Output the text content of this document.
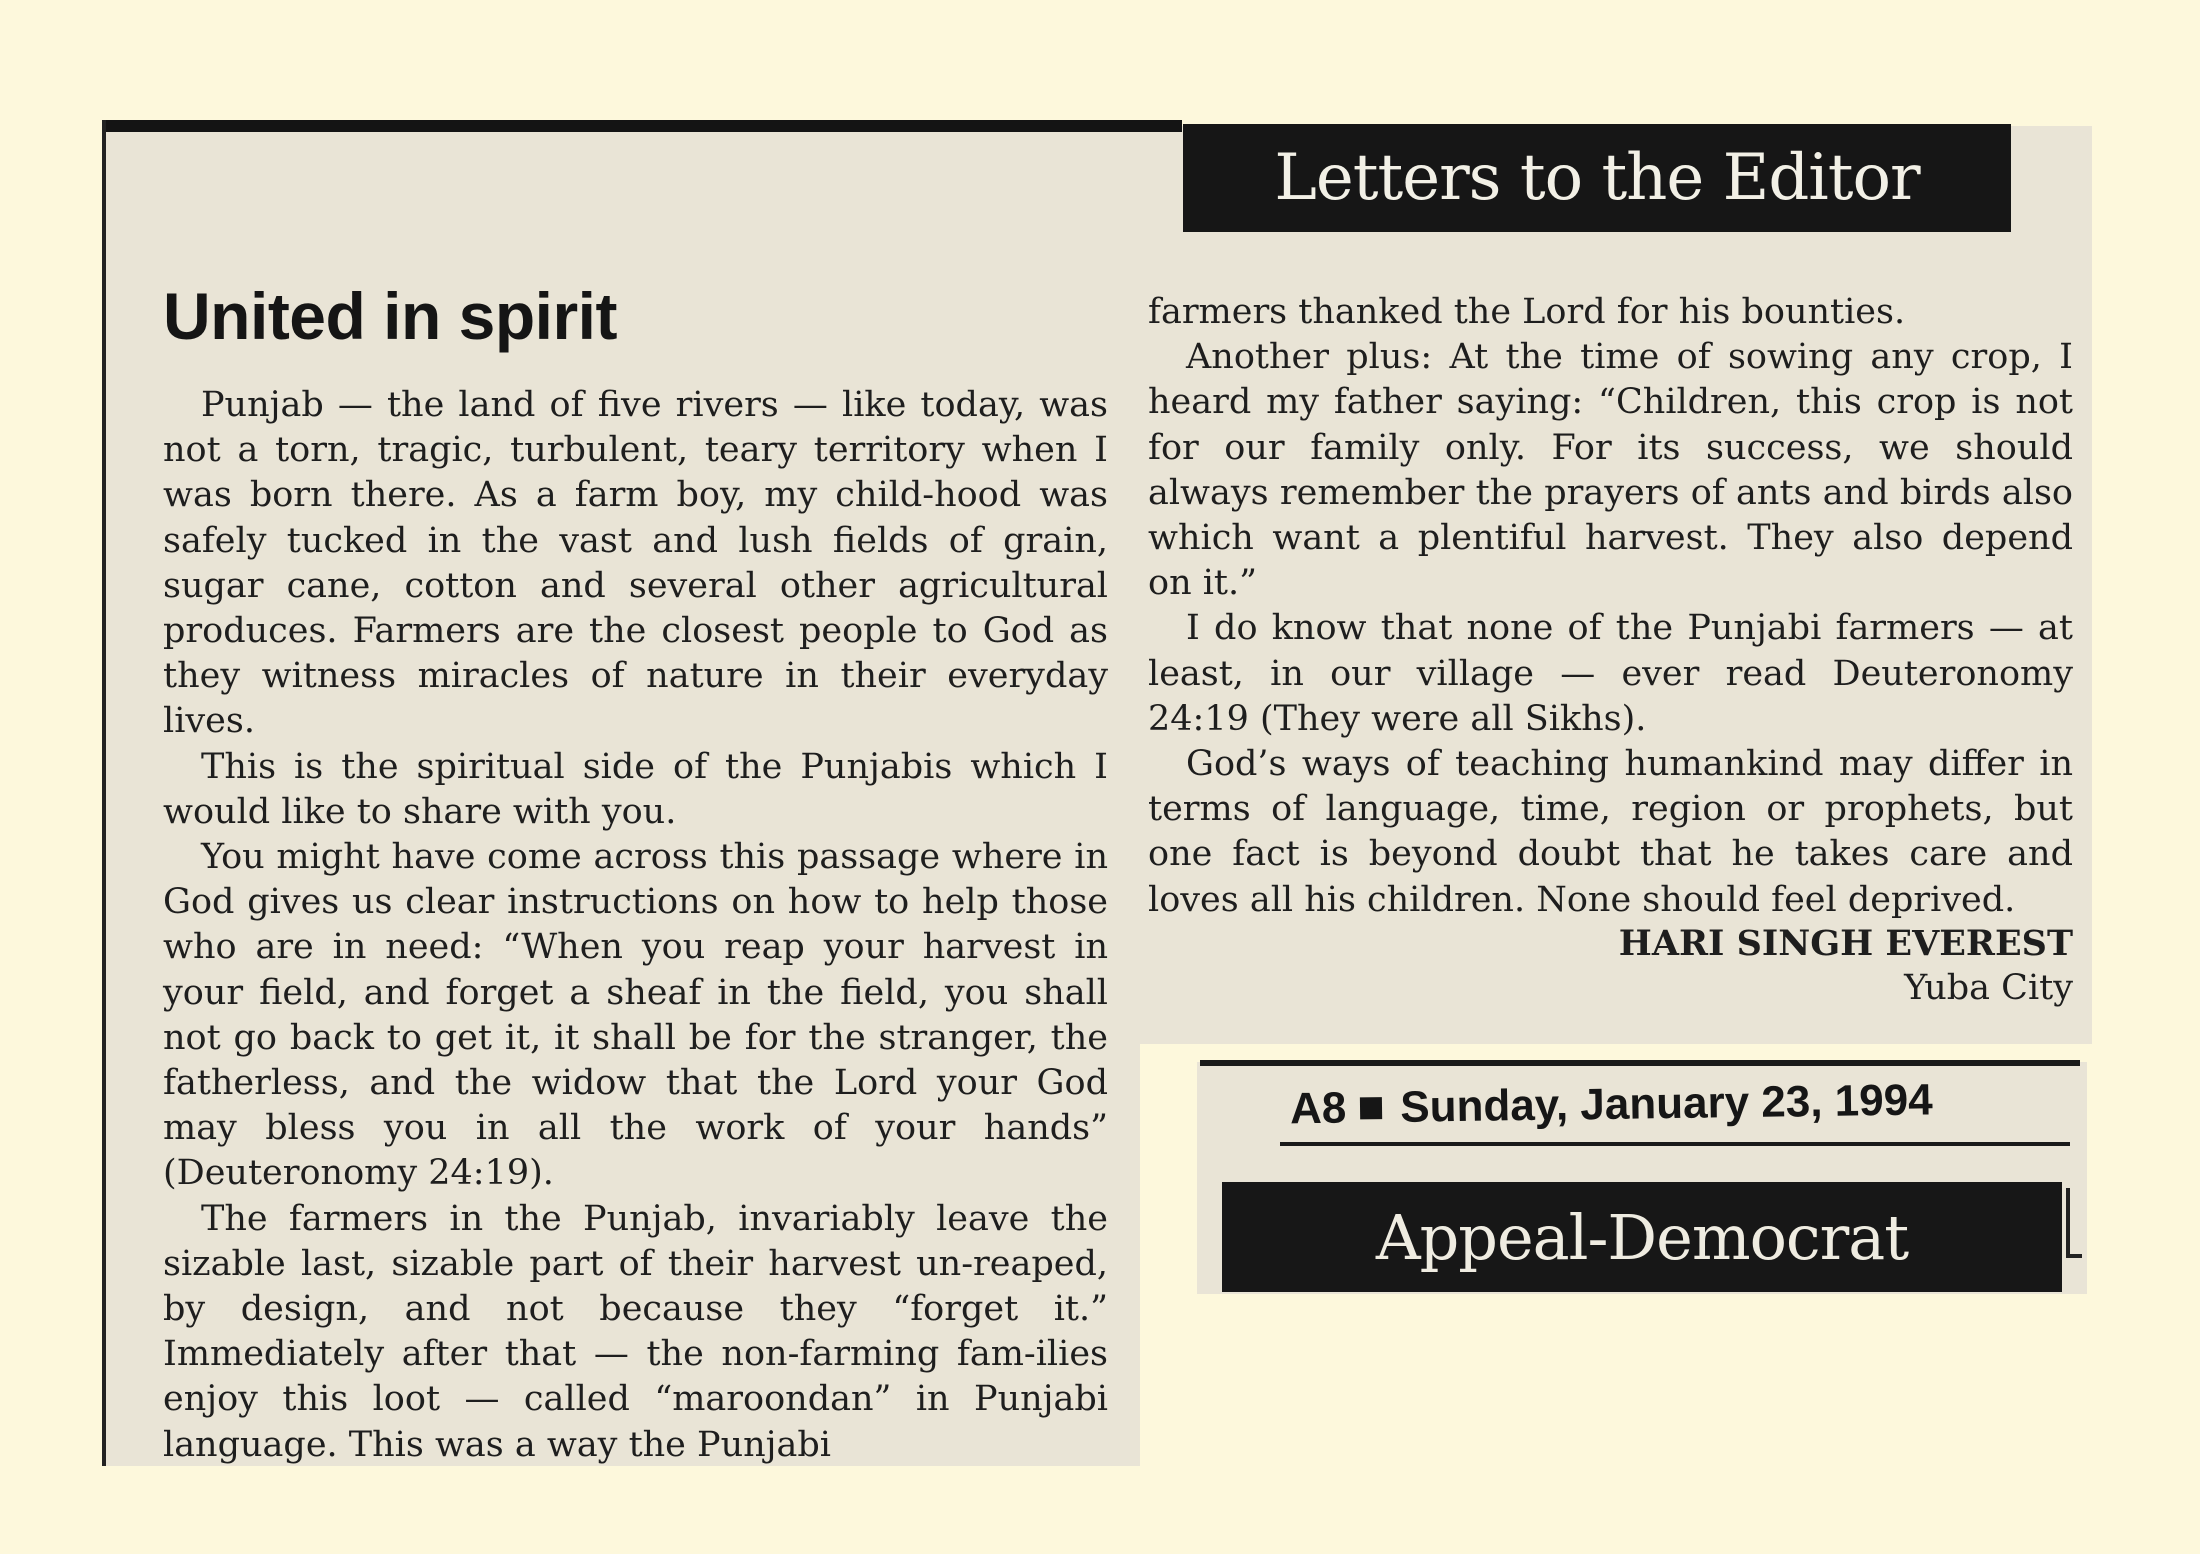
Letters to the Editor
United in spirit

Punjab — the land of five rivers — like today, was not a torn, tragic, turbulent, teary territory when I was born there. As a farm boy, my child-hood was safely tucked in the vast and lush fields of grain, sugar cane, cotton and several other agricultural produces. Farmers are the closest people to God as they witness miracles of nature in their everyday lives.

This is the spiritual side of the Punjabis which I would like to share with you.

You might have come across this passage where in God gives us clear instructions on how to help those who are in need: “When you reap your harvest in your field, and forget a sheaf in the field, you shall not go back to get it, it shall be for the stranger, the fatherless, and the widow that the Lord your God may bless you in all the work of your hands” (Deuteronomy 24:19).

The farmers in the Punjab, invariably leave the sizable last, sizable part of their harvest un-reaped, by design, and not because they “forget it.” Immediately after that — the non-farming fam-ilies enjoy this loot — called “maroondan” in Punjabi language. This was a way the Punjabi

farmers thanked the Lord for his bounties.

Another plus: At the time of sowing any crop, I heard my father saying: “Children, this crop is not for our family only. For its success, we should always remember the prayers of ants and birds also which want a plentiful harvest. They also depend on it.”

I do know that none of the Punjabi farmers — at least, in our village — ever read Deuteronomy 24:19 (They were all Sikhs).

God’s ways of teaching humankind may differ in terms of language, time, region or prophets, but one fact is beyond doubt that he takes care and loves all his children. None should feel deprived.

HARI SINGH EVEREST
Yuba City
A8 Sunday, January 23, 1994
Appeal-Democrat
